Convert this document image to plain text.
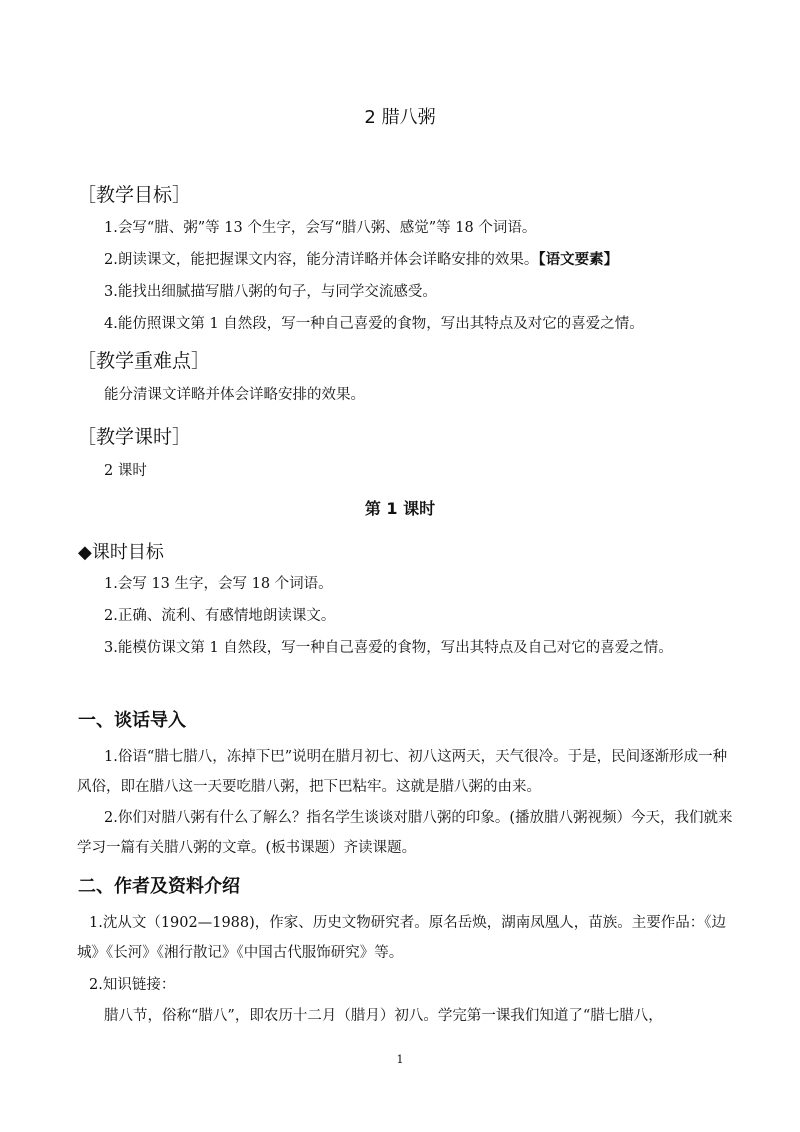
2 腊八粥
［教学目标］
1.会写“腊、粥”等 13 个生字，会写“腊八粥、感觉”等 18 个词语。
2.朗读课文，能把握课文内容，能分清详略并体会详略安排的效果。【语文要素】
3.能找出细腻描写腊八粥的句子，与同学交流感受。
4.能仿照课文第 1 自然段，写一种自己喜爱的食物，写出其特点及对它的喜爱之情。
［教学重难点］
能分清课文详略并体会详略安排的效果。
［教学课时］
2 课时
第 1 课时
◆课时目标
1.会写 13 生字，会写 18 个词语。
2.正确、流利、有感情地朗读课文。
3.能模仿课文第 1 自然段，写一种自己喜爱的食物，写出其特点及自己对它的喜爱之情。
一、谈话导入
1.俗语“腊七腊八，冻掉下巴”说明在腊月初七、初八这两天，天气很冷。于是，民间逐渐形成一种风俗，即在腊八这一天要吃腊八粥，把下巴粘牢。这就是腊八粥的由来。
2.你们对腊八粥有什么了解么？指名学生谈谈对腊八粥的印象。(播放腊八粥视频）今天，我们就来学习一篇有关腊八粥的文章。(板书课题）齐读课题。
二、作者及资料介绍
1.沈从文（1902—1988)，作家、历史文物研究者。原名岳焕，湖南凤凰人，苗族。主要作品：《边城》《长河》《湘行散记》《中国古代服饰研究》等。
2.知识链接：
腊八节，俗称“腊八”，即农历十二月（腊月）初八。学完第一课我们知道了“腊七腊八，
1
